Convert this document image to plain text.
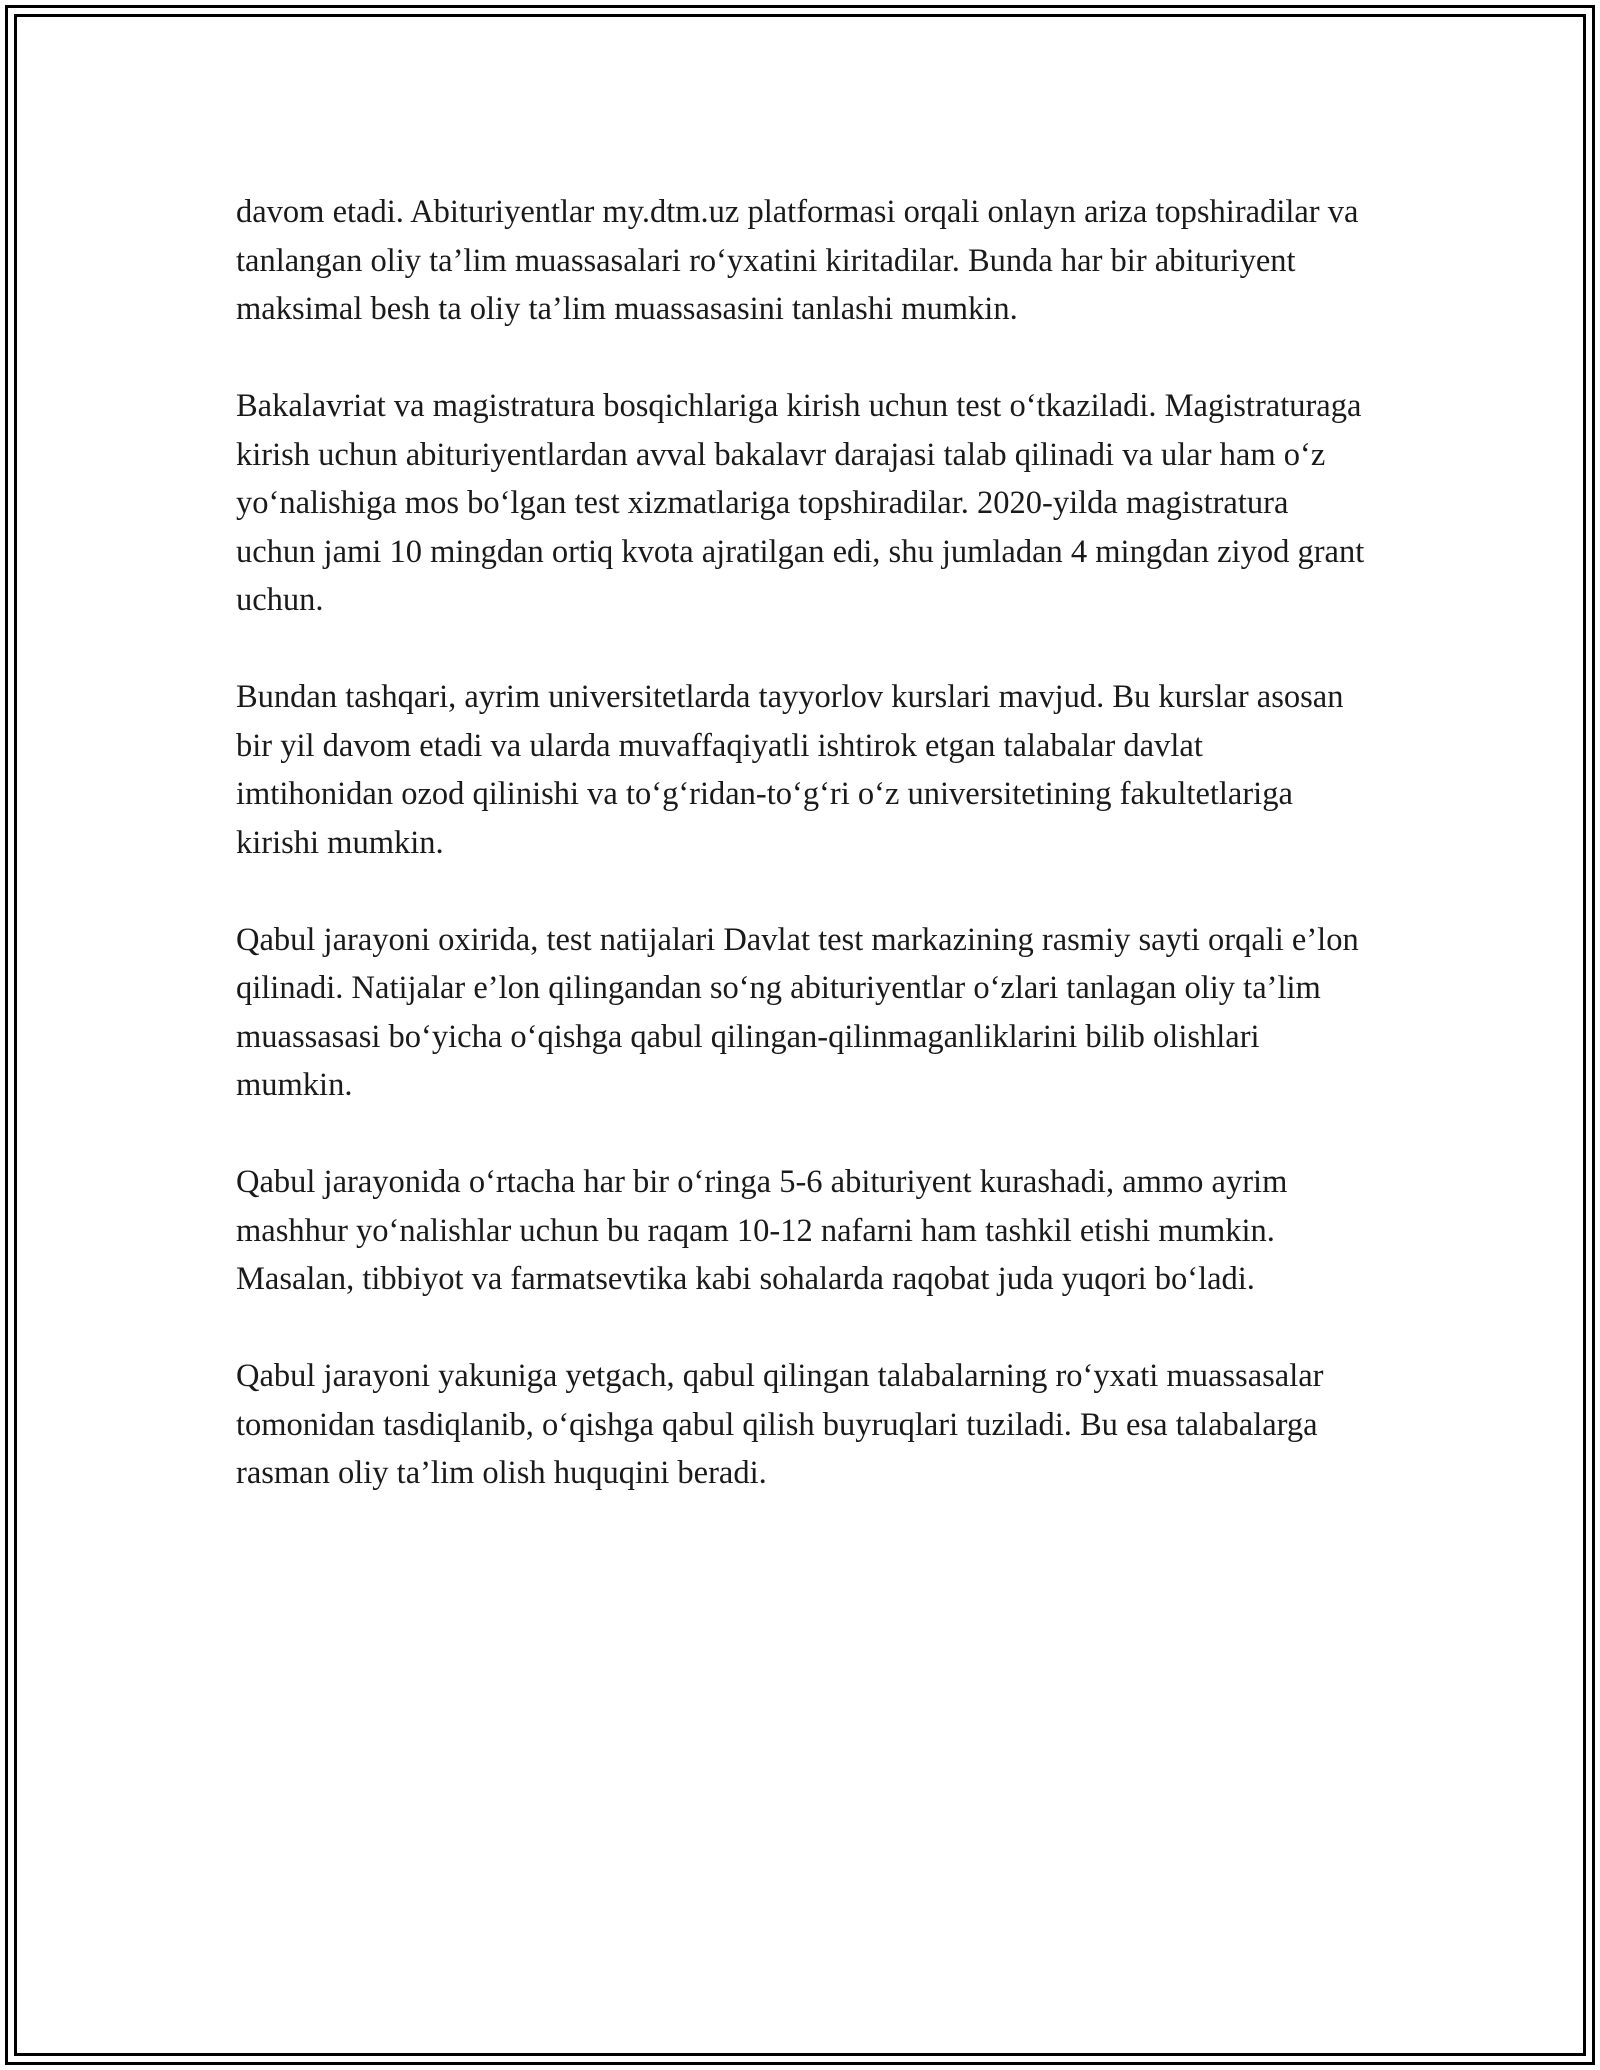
davom etadi. Abituriyentlar my.dtm.uz platformasi orqali onlayn ariza topshiradilar va tanlangan oliy ta’lim muassasalari ro‘yxatini kiritadilar. Bunda har bir abituriyent maksimal besh ta oliy ta’lim muassasasini tanlashi mumkin.

Bakalavriat va magistratura bosqichlariga kirish uchun test o‘tkaziladi. Magistraturaga kirish uchun abituriyentlardan avval bakalavr darajasi talab qilinadi va ular ham o‘z yo‘nalishiga mos bo‘lgan test xizmatlariga topshiradilar. 2020-yilda magistratura uchun jami 10 mingdan ortiq kvota ajratilgan edi, shu jumladan 4 mingdan ziyod grant uchun.

Bundan tashqari, ayrim universitetlarda tayyorlov kurslari mavjud. Bu kurslar asosan bir yil davom etadi va ularda muvaffaqiyatli ishtirok etgan talabalar davlat imtihonidan ozod qilinishi va to‘g‘ridan-to‘g‘ri o‘z universitetining fakultetlariga kirishi mumkin.

Qabul jarayoni oxirida, test natijalari Davlat test markazining rasmiy sayti orqali e’lon qilinadi. Natijalar e’lon qilingandan so‘ng abituriyentlar o‘zlari tanlagan oliy ta’lim muassasasi bo‘yicha o‘qishga qabul qilingan-qilinmaganliklarini bilib olishlari mumkin.

Qabul jarayonida o‘rtacha har bir o‘ringa 5-6 abituriyent kurashadi, ammo ayrim mashhur yo‘nalishlar uchun bu raqam 10-12 nafarni ham tashkil etishi mumkin. Masalan, tibbiyot va farmatsevtika kabi sohalarda raqobat juda yuqori bo‘ladi.

Qabul jarayoni yakuniga yetgach, qabul qilingan talabalarning ro‘yxati muassasalar tomonidan tasdiqlanib, o‘qishga qabul qilish buyruqlari tuziladi. Bu esa talabalarga rasman oliy ta’lim olish huquqini beradi.
